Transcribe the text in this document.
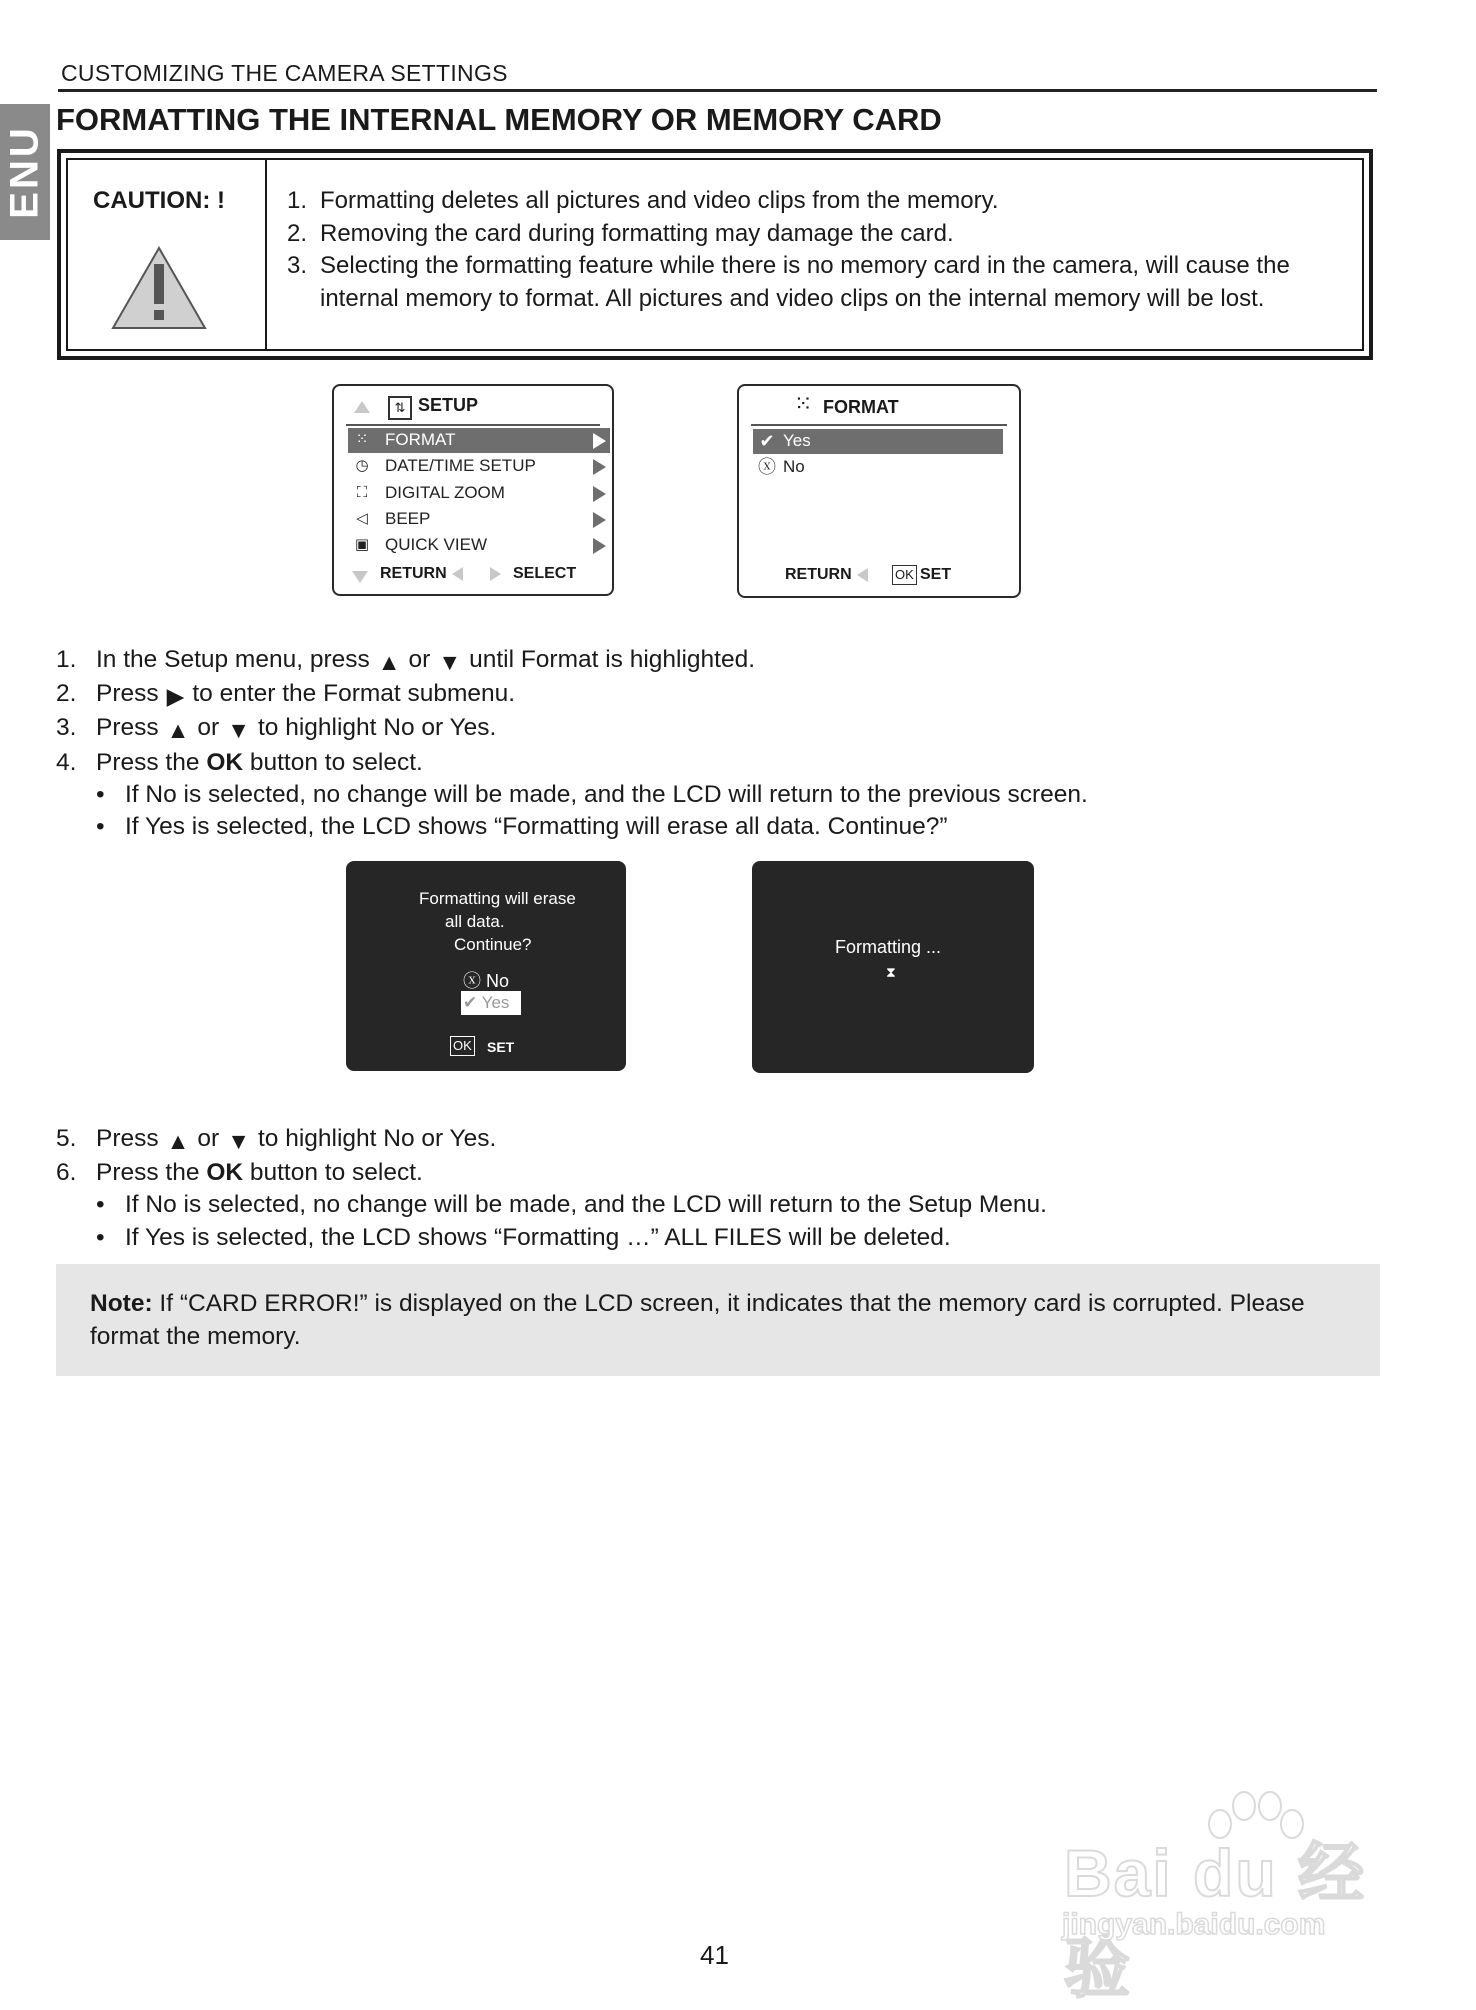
CUSTOMIZING THE CAMERA SETTINGS
FORMATTING THE INTERNAL MEMORY OR MEMORY CARD
ENU CAUTION: !	1. Formatting deletes all pictures and video clips from the memory.
2. Removing the card during formatting may damage the card.
3. Selecting the formatting feature while there is no memory card in the camera, will cause the internal memory to format. All pictures and video clips on the internal memory will be lost.
⇅ SETUP
⁙ FORMAT
◷ DATE/TIME SETUP
⛶ DIGITAL ZOOM
◁ BEEP
▣ QUICK VIEW
RETURN	SELECT
⁙ FORMAT
✔ Yes
ⓧ No
RETURN	OK SET
1. In the Setup menu, press ▲ or ▼ until Format is highlighted.
2. Press ▶ to enter the Format submenu.
3. Press ▲ or ▼ to highlight No or Yes.
4. Press the OK button to select.
• If No is selected, no change will be made, and the LCD will return to the previous screen.
• If Yes is selected, the LCD shows “Formatting will erase all data. Continue?”
Formatting will erase
all data.
Continue?
ⓧ No
✔ Yes
OK SET
Formatting ...
⧗
5. Press ▲ or ▼ to highlight No or Yes.
6. Press the OK button to select.
• If No is selected, no change will be made, and the LCD will return to the Setup Menu.
• If Yes is selected, the LCD shows “Formatting …” ALL FILES will be deleted.
Note: If “CARD ERROR!” is displayed on the LCD screen, it indicates that the memory card is corrupted. Please format the memory.
Bai du 经验
jingyan.baidu.com
41
